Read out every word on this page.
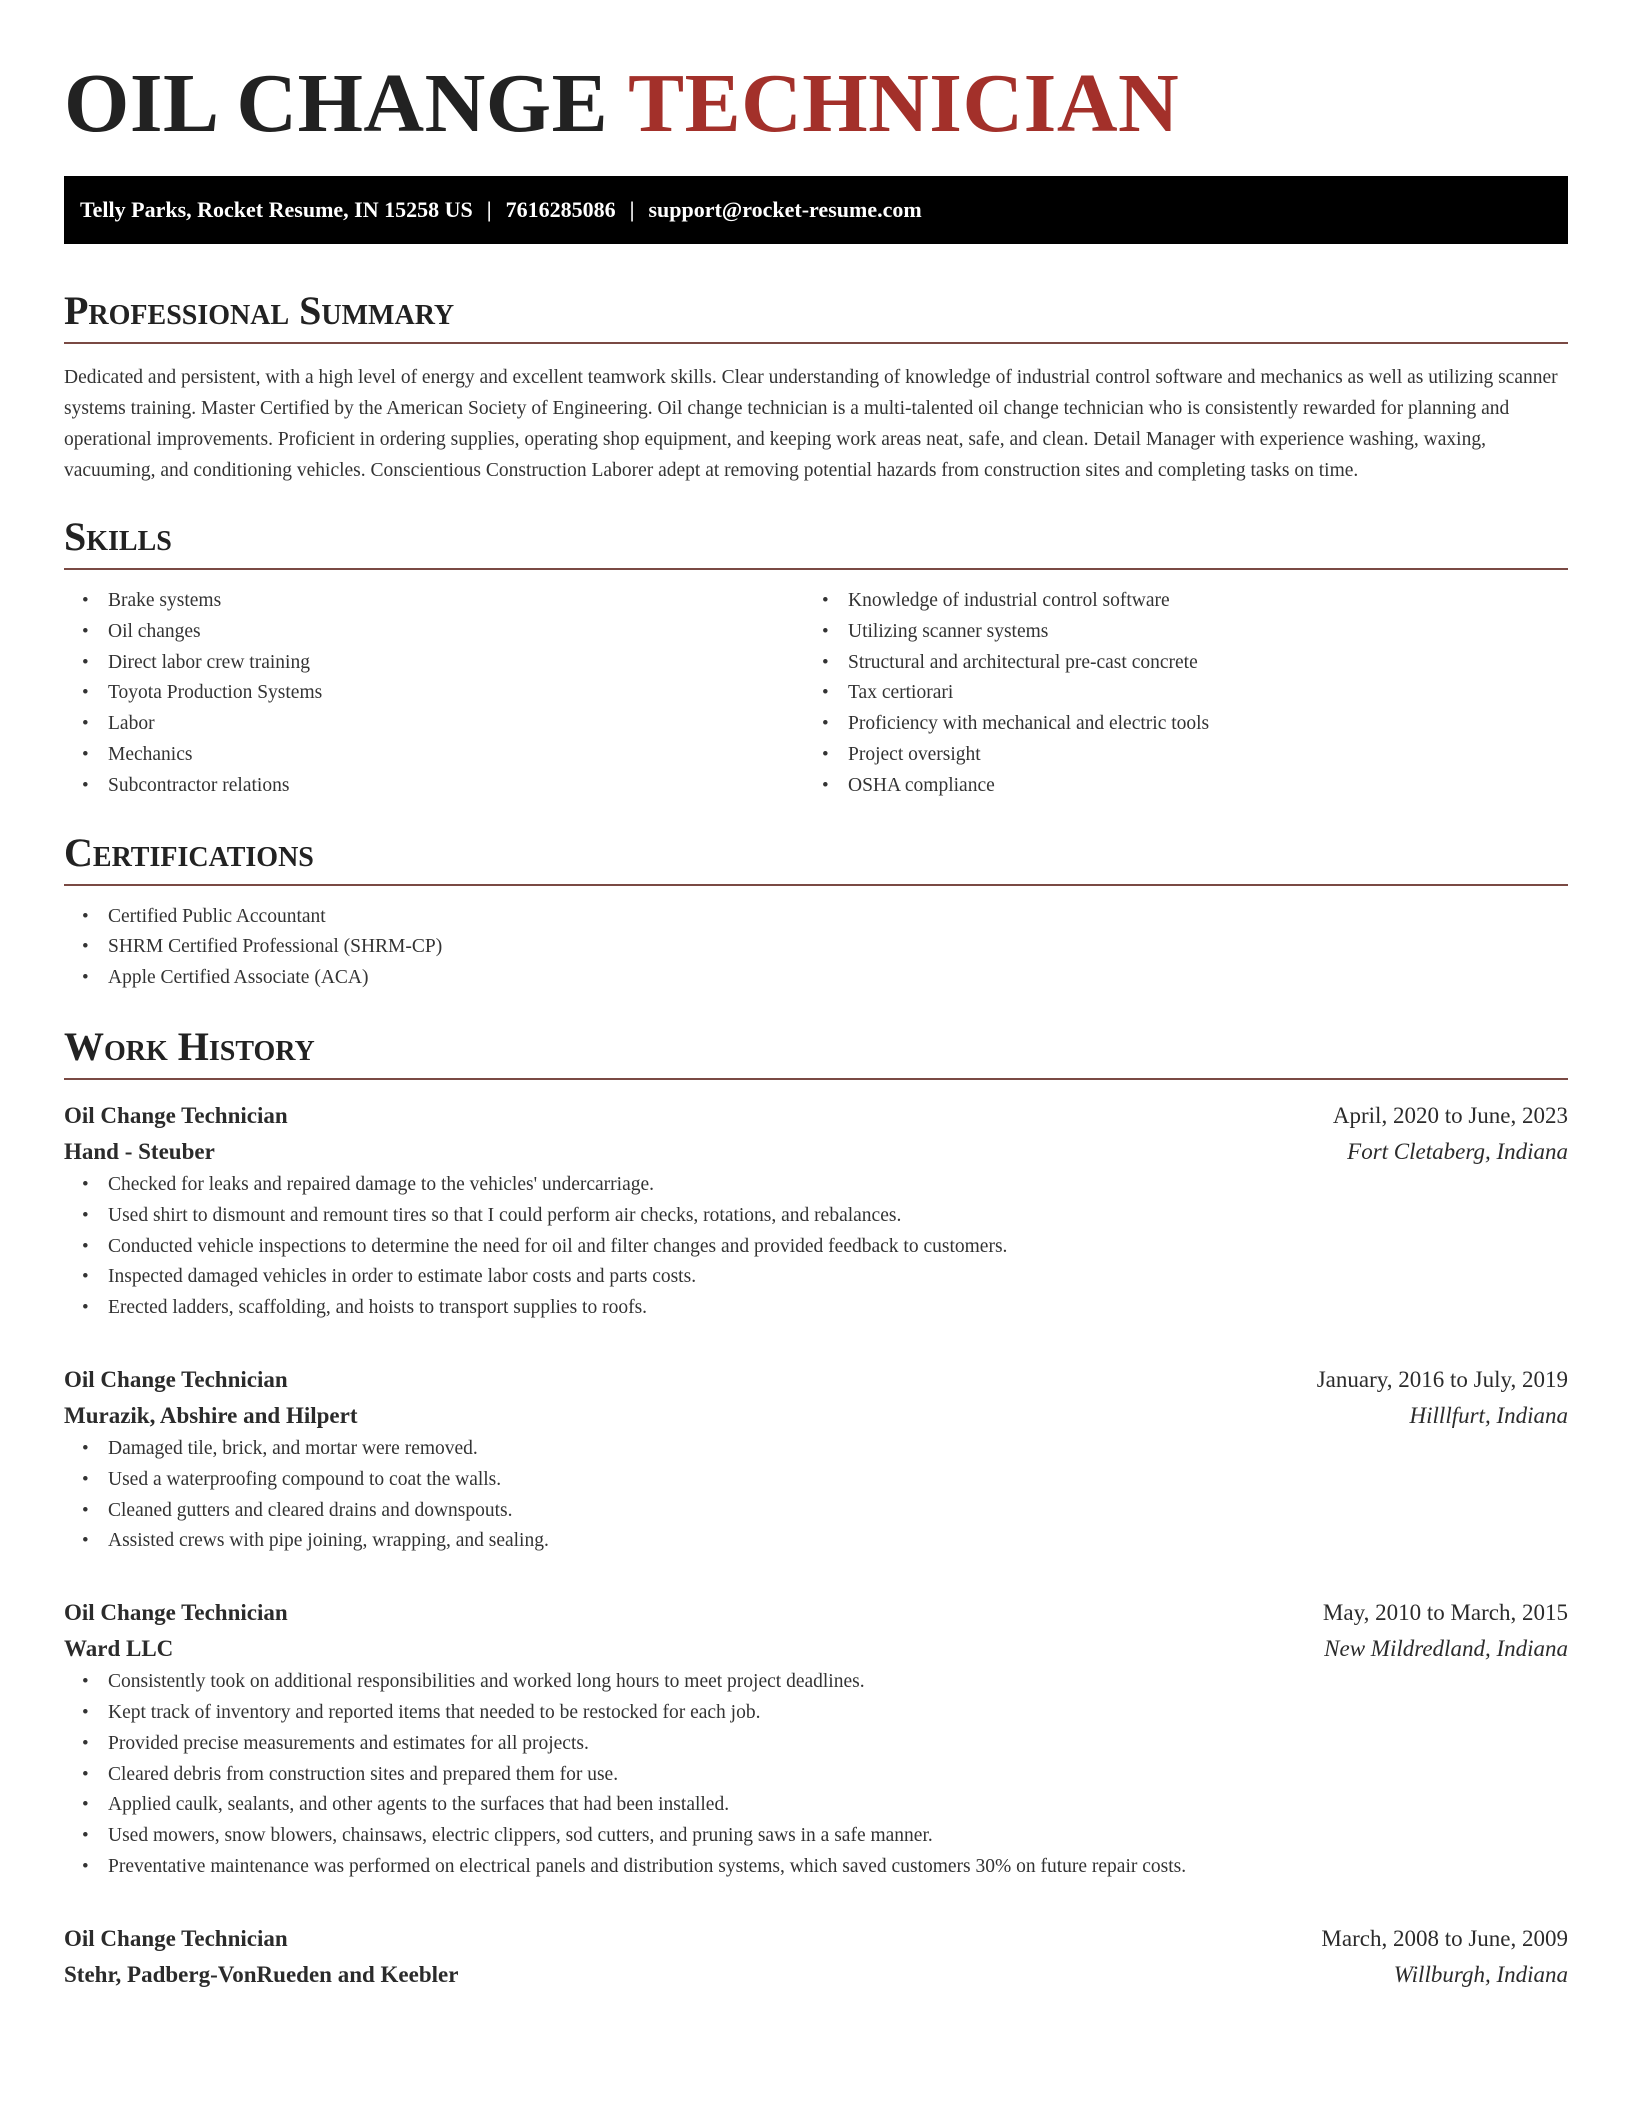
OIL CHANGE TECHNICIAN
Telly Parks, Rocket Resume, IN 15258 US | 7616285086 | support@rocket-resume.com
Professional Summary

Dedicated and persistent, with a high level of energy and excellent teamwork skills. Clear understanding of knowledge of industrial control software and mechanics as well as utilizing scanner systems training. Master Certified by the American Society of Engineering. Oil change technician is a multi-talented oil change technician who is consistently rewarded for planning and operational improvements. Proficient in ordering supplies, operating shop equipment, and keeping work areas neat, safe, and clean. Detail Manager with experience washing, waxing, vacuuming, and conditioning vehicles. Conscientious Construction Laborer adept at removing potential hazards from construction sites and completing tasks on time.

Skills
• Brake systems
• Oil changes
• Direct labor crew training
• Toyota Production Systems
• Labor
• Mechanics
• Subcontractor relations
• Knowledge of industrial control software
• Utilizing scanner systems
• Structural and architectural pre-cast concrete
• Tax certiorari
• Proficiency with mechanical and electric tools
• Project oversight
• OSHA compliance
Certifications
• Certified Public Accountant
• SHRM Certified Professional (SHRM-CP)
• Apple Certified Associate (ACA)
Work History
Oil Change Technician	April, 2020 to June, 2023
Hand - Steuber	Fort Cletaberg, Indiana
• Checked for leaks and repaired damage to the vehicles' undercarriage.
• Used shirt to dismount and remount tires so that I could perform air checks, rotations, and rebalances.
• Conducted vehicle inspections to determine the need for oil and filter changes and provided feedback to customers.
• Inspected damaged vehicles in order to estimate labor costs and parts costs.
• Erected ladders, scaffolding, and hoists to transport supplies to roofs.
Oil Change Technician	January, 2016 to July, 2019
Murazik, Abshire and Hilpert	Hilllfurt, Indiana
• Damaged tile, brick, and mortar were removed.
• Used a waterproofing compound to coat the walls.
• Cleaned gutters and cleared drains and downspouts.
• Assisted crews with pipe joining, wrapping, and sealing.
Oil Change Technician	May, 2010 to March, 2015
Ward LLC	New Mildredland, Indiana
• Consistently took on additional responsibilities and worked long hours to meet project deadlines.
• Kept track of inventory and reported items that needed to be restocked for each job.
• Provided precise measurements and estimates for all projects.
• Cleared debris from construction sites and prepared them for use.
• Applied caulk, sealants, and other agents to the surfaces that had been installed.
• Used mowers, snow blowers, chainsaws, electric clippers, sod cutters, and pruning saws in a safe manner.
• Preventative maintenance was performed on electrical panels and distribution systems, which saved customers 30% on future repair costs.
Oil Change Technician	March, 2008 to June, 2009
Stehr, Padberg-VonRueden and Keebler	Willburgh, Indiana
